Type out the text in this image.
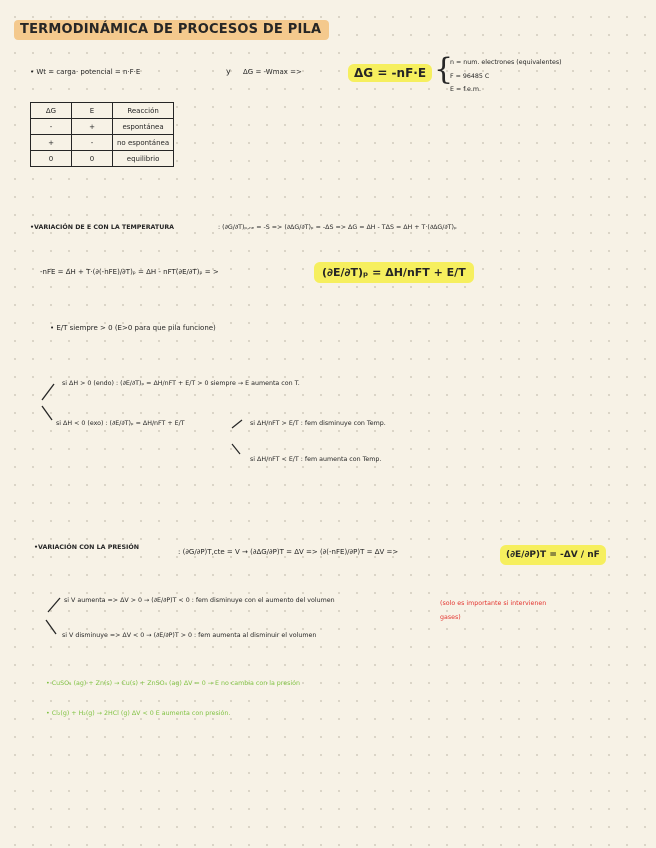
TERMODINÁMICA DE PROCESOS DE PILA
• Wt = carga· potencial = n·F·E	y ΔG = -Wmax =>	ΔG = -nF·E {
n = num. electrones (equivalentes)
F = 96485 C
E = f.e.m.
ΔG	E	Reacción
-	+	espontánea
+	-	no espontánea
0	0	equilibrio
•VARIACIÓN DE E CON LA TEMPERATURA	: (∂G/∂T)ₚ,ₙₑ = -S => (∂ΔG/∂T)ₚ = -ΔS => ΔG = ΔH - TΔS = ΔH + T·(∂ΔG/∂T)ₚ
-nFE = ΔH + T·(∂(-nFE)/∂T)ₚ = ΔH - nFT(∂E/∂T)ₚ = >	(∂E/∂T)ₚ = ΔH/nFT + E/T
• E/T siempre > 0 (E>0 para que pila funcione)
si ΔH > 0 (endo) : (∂E/∂T)ₚ = ΔH/nFT + E/T > 0 siempre → E aumenta con T.
si ΔH < 0 (exo) : (∂E/∂T)ₚ = ΔH/nFT + E/T	si ΔH/nFT > E/T : fem disminuye con Temp.
si ΔH/nFT < E/T : fem aumenta con Temp.
•VARIACIÓN CON LA PRESIÓN
: (∂G/∂P)T,cte = V → (∂ΔG/∂P)T = ΔV => (∂(-nFE)/∂P)T = ΔV =>	(∂E/∂P)T = -ΔV / nF
si V aumenta => ΔV > 0 → (∂E/∂P)T < 0 : fem disminuye con el aumento del volumen
si V disminuye => ΔV < 0 → (∂E/∂P)T > 0 : fem aumenta al disminuir el volumen
(solo es importante si intervienen gases)
• CuSO₄ (ag) + Zn(s) → Cu(s) + ZnSO₄ (ag) ΔV = 0 → E no cambia con la presión
• Cl₂(g) + H₂(g) → 2HCl (g) ΔV < 0 E aumenta con presión.
